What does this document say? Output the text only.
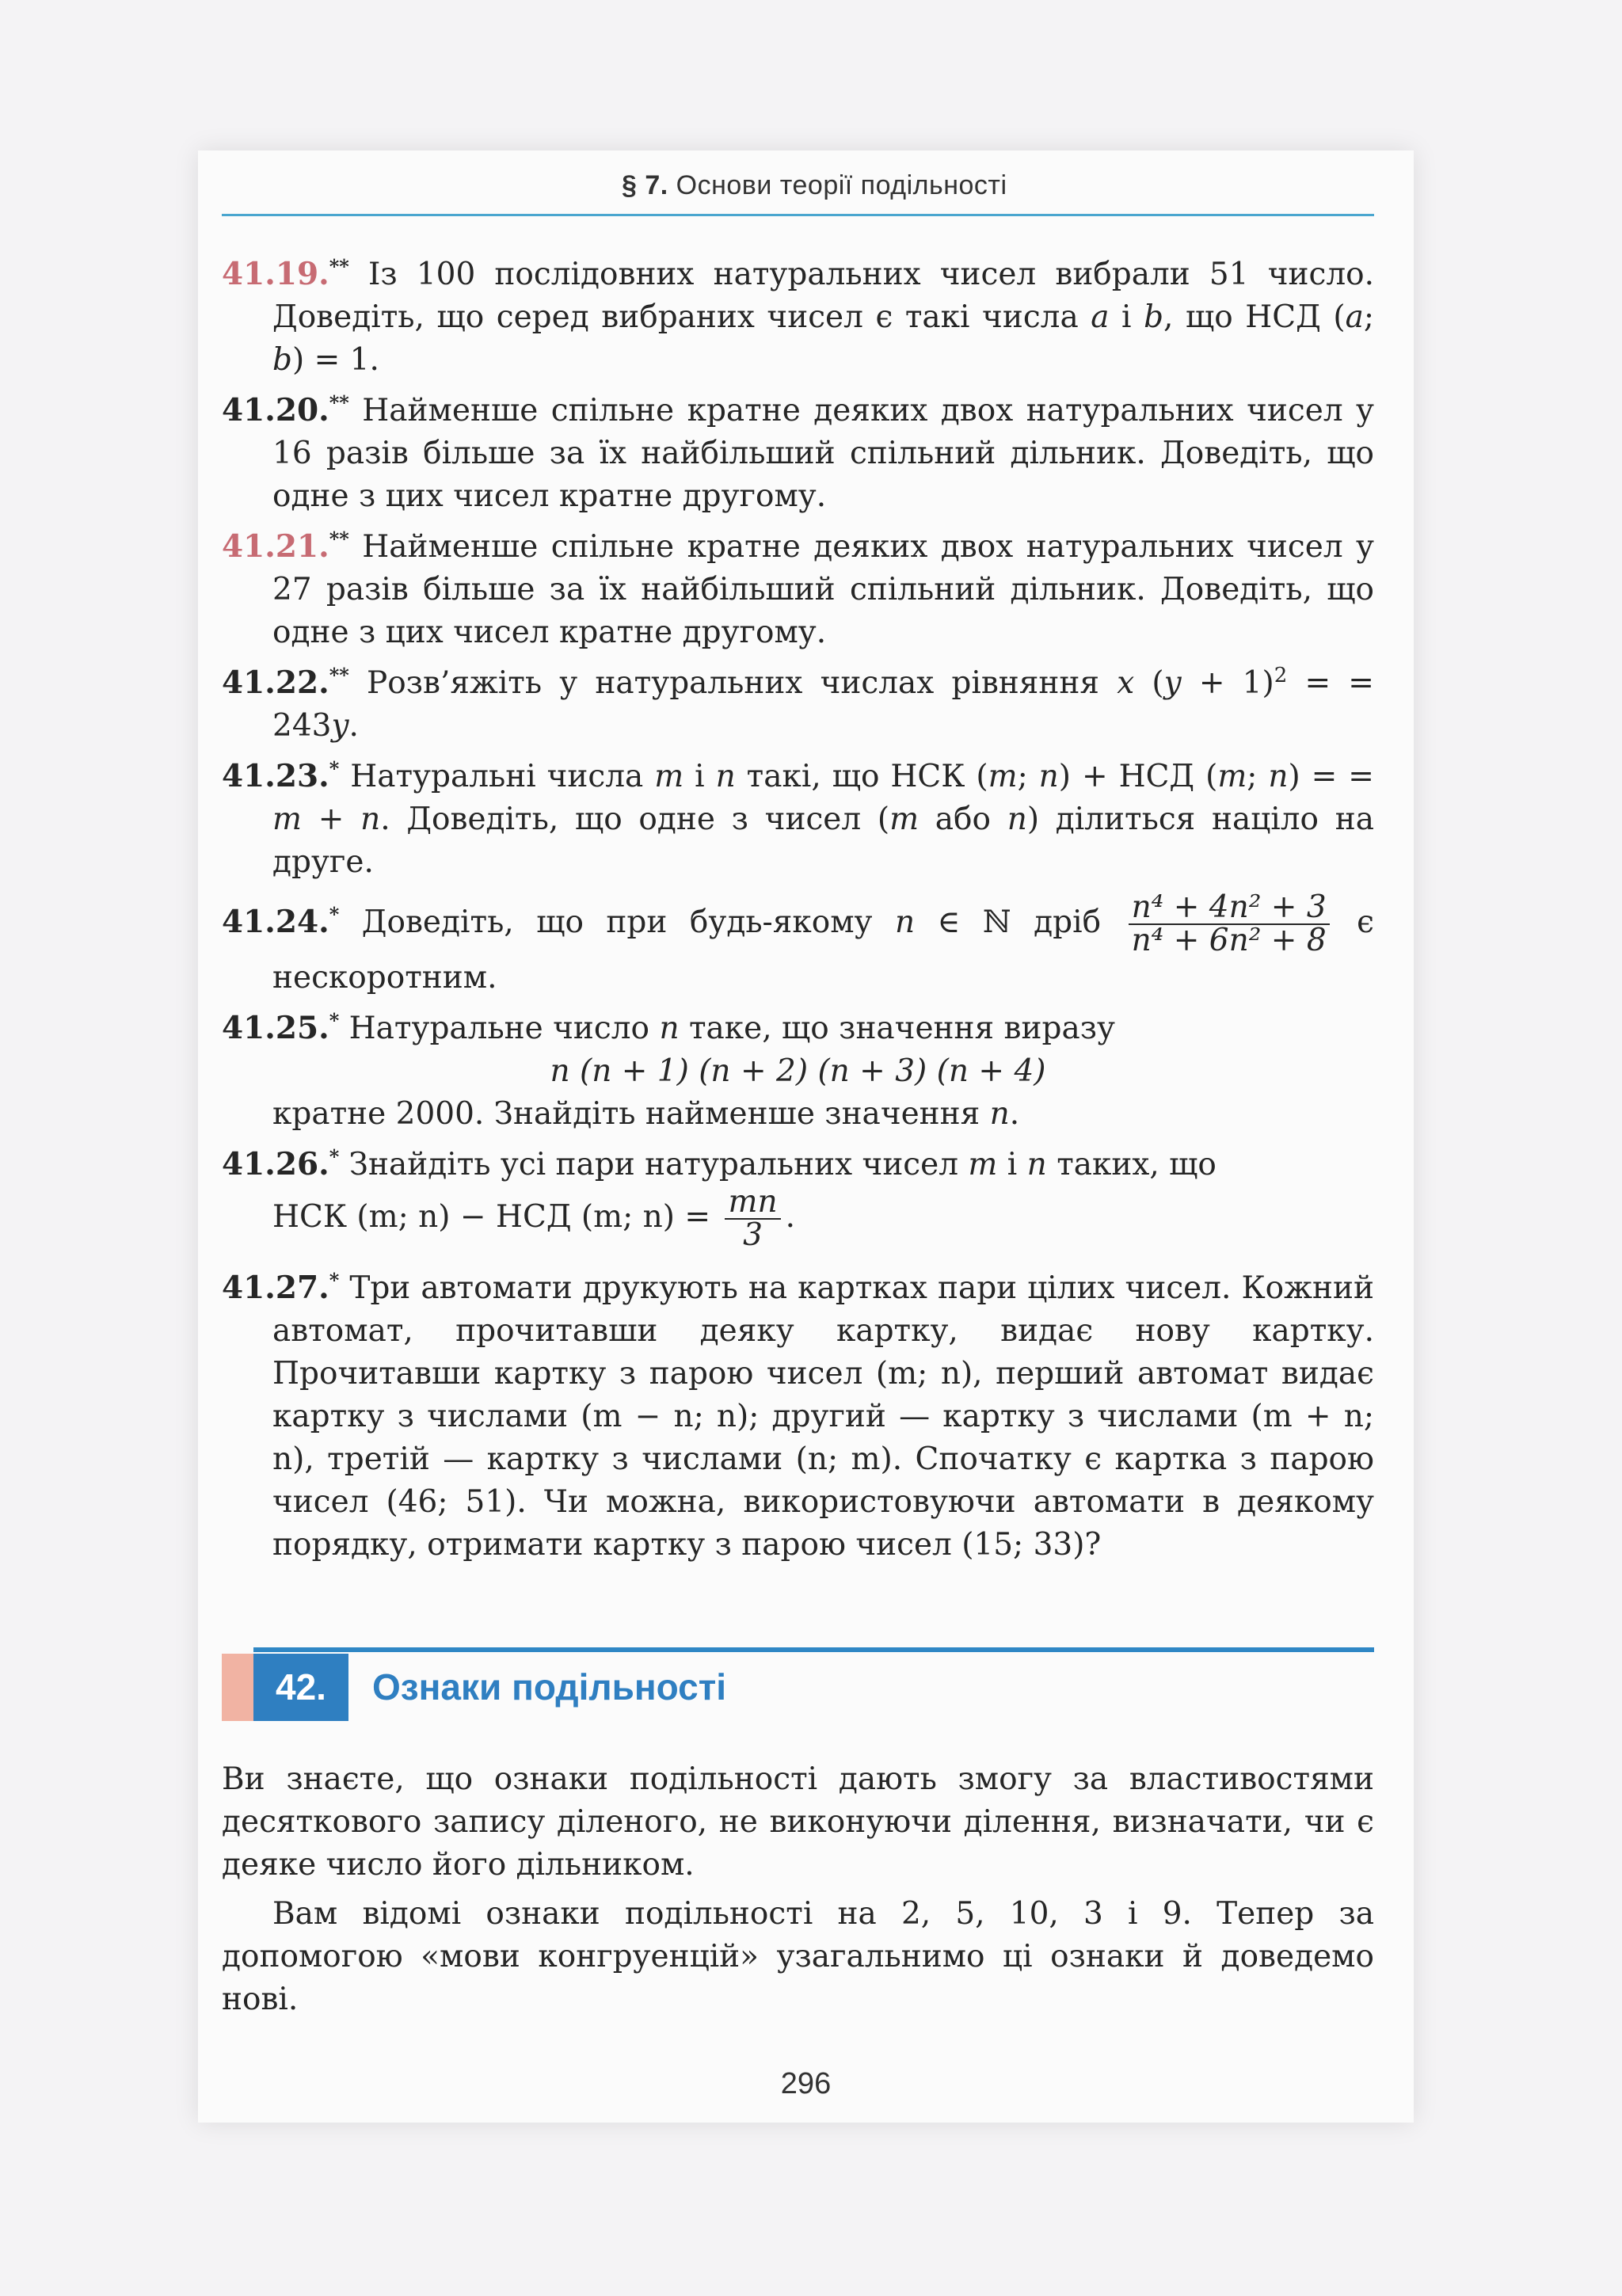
§ 7. Основи теорії подільності

41.19.** Із 100 послідовних натуральних чисел вибрали 51 число. Доведіть, що серед вибраних чисел є такі числа a і b, що НСД (a; b) = 1.

41.20.** Найменше спільне кратне деяких двох натуральних чисел у 16 разів більше за їх найбільший спільний дільник. Доведіть, що одне з цих чисел кратне другому.

41.21.** Найменше спільне кратне деяких двох натуральних чисел у 27 разів більше за їх найбільший спільний дільник. Доведіть, що одне з цих чисел кратне другому.

41.22.** Розв’яжіть у натуральних числах рівняння x $(y + 1)^2$ = = 243y.

41.23.* Натуральні числа m і n такі, що НСК (m; n) + НСД (m; n) = = m + n. Доведіть, що одне з чисел (m або n) ділиться націло на друге.

41.24.* Доведіть, що при будь-якому n ∈ ℕ дріб $\frac{\text{n⁴ + 4n² + 3}}{\text{n⁴ + 6n² + 8}}$ є нескоротним.

41.25.* Натуральне число n таке, що значення виразу

n (n + 1) (n + 2) (n + 3) (n + 4)

кратне 2000. Знайдіть найменше значення n.

41.26.* Знайдіть усі пари натуральних чисел m і n таких, що

НСК (m; n) − НСД (m; $n) = \frac{mn}{3}$ .

41.27.* Три автомати друкують на картках пари цілих чисел. Кожний автомат, прочитавши деяку картку, видає нову картку. Прочитавши картку з парою чисел (m; n), перший автомат видає картку з числами (m − n; n); другий — картку з числами (m + n; n), третій — картку з числами (n; m). Спочатку є картка з парою чисел (46; 51). Чи можна, використовуючи автомати в деякому порядку, отримати картку з парою чисел (15; 33)?

42.	Ознаки подільності

Ви знаєте, що ознаки подільності дають змогу за властивостями десяткового запису діленого, не виконуючи ділення, визначати, чи є деяке число його дільником.

Вам відомі ознаки подільності на 2, 5, 10, 3 і 9. Тепер за допомогою «мови конгруенцій» узагальнимо ці ознаки й доведемо нові.

296
